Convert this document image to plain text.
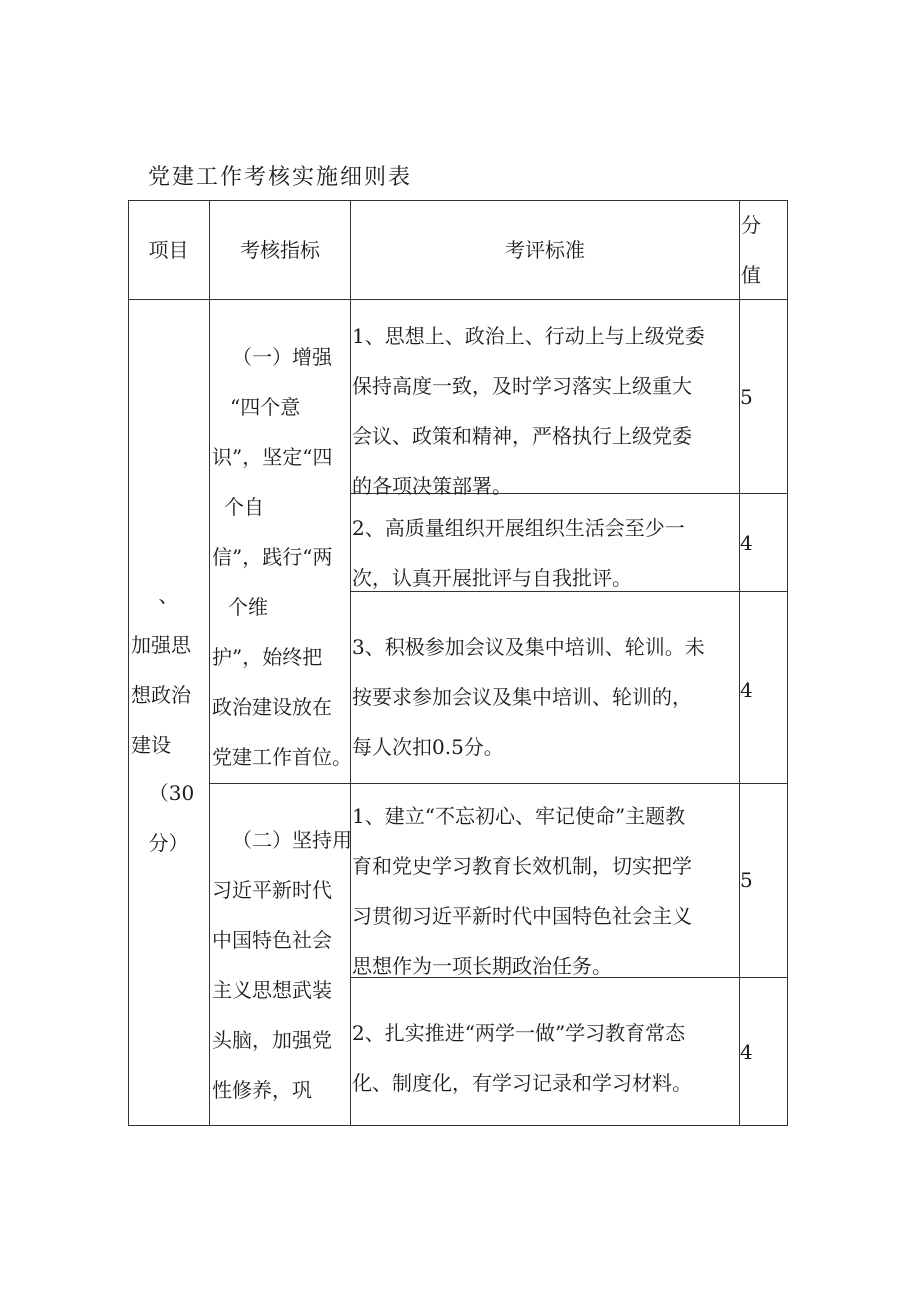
党建工作考核实施细则表
项目	考核指标	考评标准
分
值
、
加强思
想政治
建设
（30
分）
（一）增强
“四个意
识”，坚定“四
个自
信”，践行“两
个维
护”，始终把
政治建设放在
党建工作首位。
（二）坚持用
习近平新时代
中国特色社会
主义思想武装
头脑，加强党
性修养，巩
1、思想上、政治上、行动上与上级党委
保持高度一致，及时学习落实上级重大
会议、政策和精神，严格执行上级党委
的各项决策部署。
5
2、高质量组织开展组织生活会至少一
次，认真开展批评与自我批评。
4
3、积极参加会议及集中培训、轮训。未
按要求参加会议及集中培训、轮训的，
每人次扣0.5分。
4
1、建立“不忘初心、牢记使命”主题教
育和党史学习教育长效机制，切实把学
习贯彻习近平新时代中国特色社会主义
思想作为一项长期政治任务。
5
2、扎实推进“两学一做”学习教育常态
化、制度化，有学习记录和学习材料。
4
